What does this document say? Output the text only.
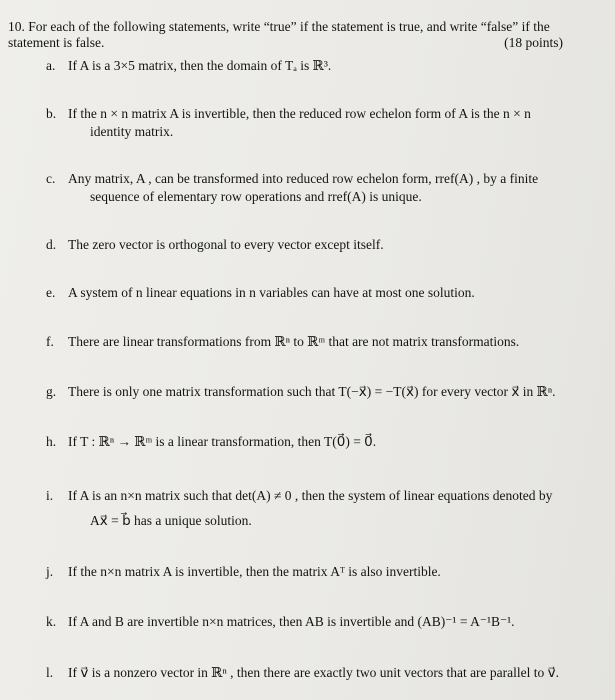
10. For each of the following statements, write “true” if the statement is true, and write “false” if the
statement is false.	(18 points)
a. If A is a 3×5 matrix, then the domain of Tₐ is ℝ³.
b. If the n × n matrix A is invertible, then the reduced row echelon form of A is the n × n
identity matrix.
c. Any matrix, A , can be transformed into reduced row echelon form, rref(A) , by a finite
sequence of elementary row operations and rref(A) is unique.
d. The zero vector is orthogonal to every vector except itself.
e. A system of n linear equations in n variables can have at most one solution.
f. There are linear transformations from ℝⁿ to ℝᵐ that are not matrix transformations.
g. There is only one matrix transformation such that T(−x⃗) = −T(x⃗) for every vector x⃗ in ℝⁿ.
h. If T : ℝⁿ → ℝᵐ is a linear transformation, then T(0⃗) = 0⃗.
i. If A is an n×n matrix such that det(A) ≠ 0 , then the system of linear equations denoted by
Ax⃗ = b⃗ has a unique solution.
j. If the n×n matrix A is invertible, then the matrix Aᵀ is also invertible.
k. If A and B are invertible n×n matrices, then AB is invertible and (AB)⁻¹ = A⁻¹B⁻¹.
l. If v⃗ is a nonzero vector in ℝⁿ , then there are exactly two unit vectors that are parallel to v⃗.
